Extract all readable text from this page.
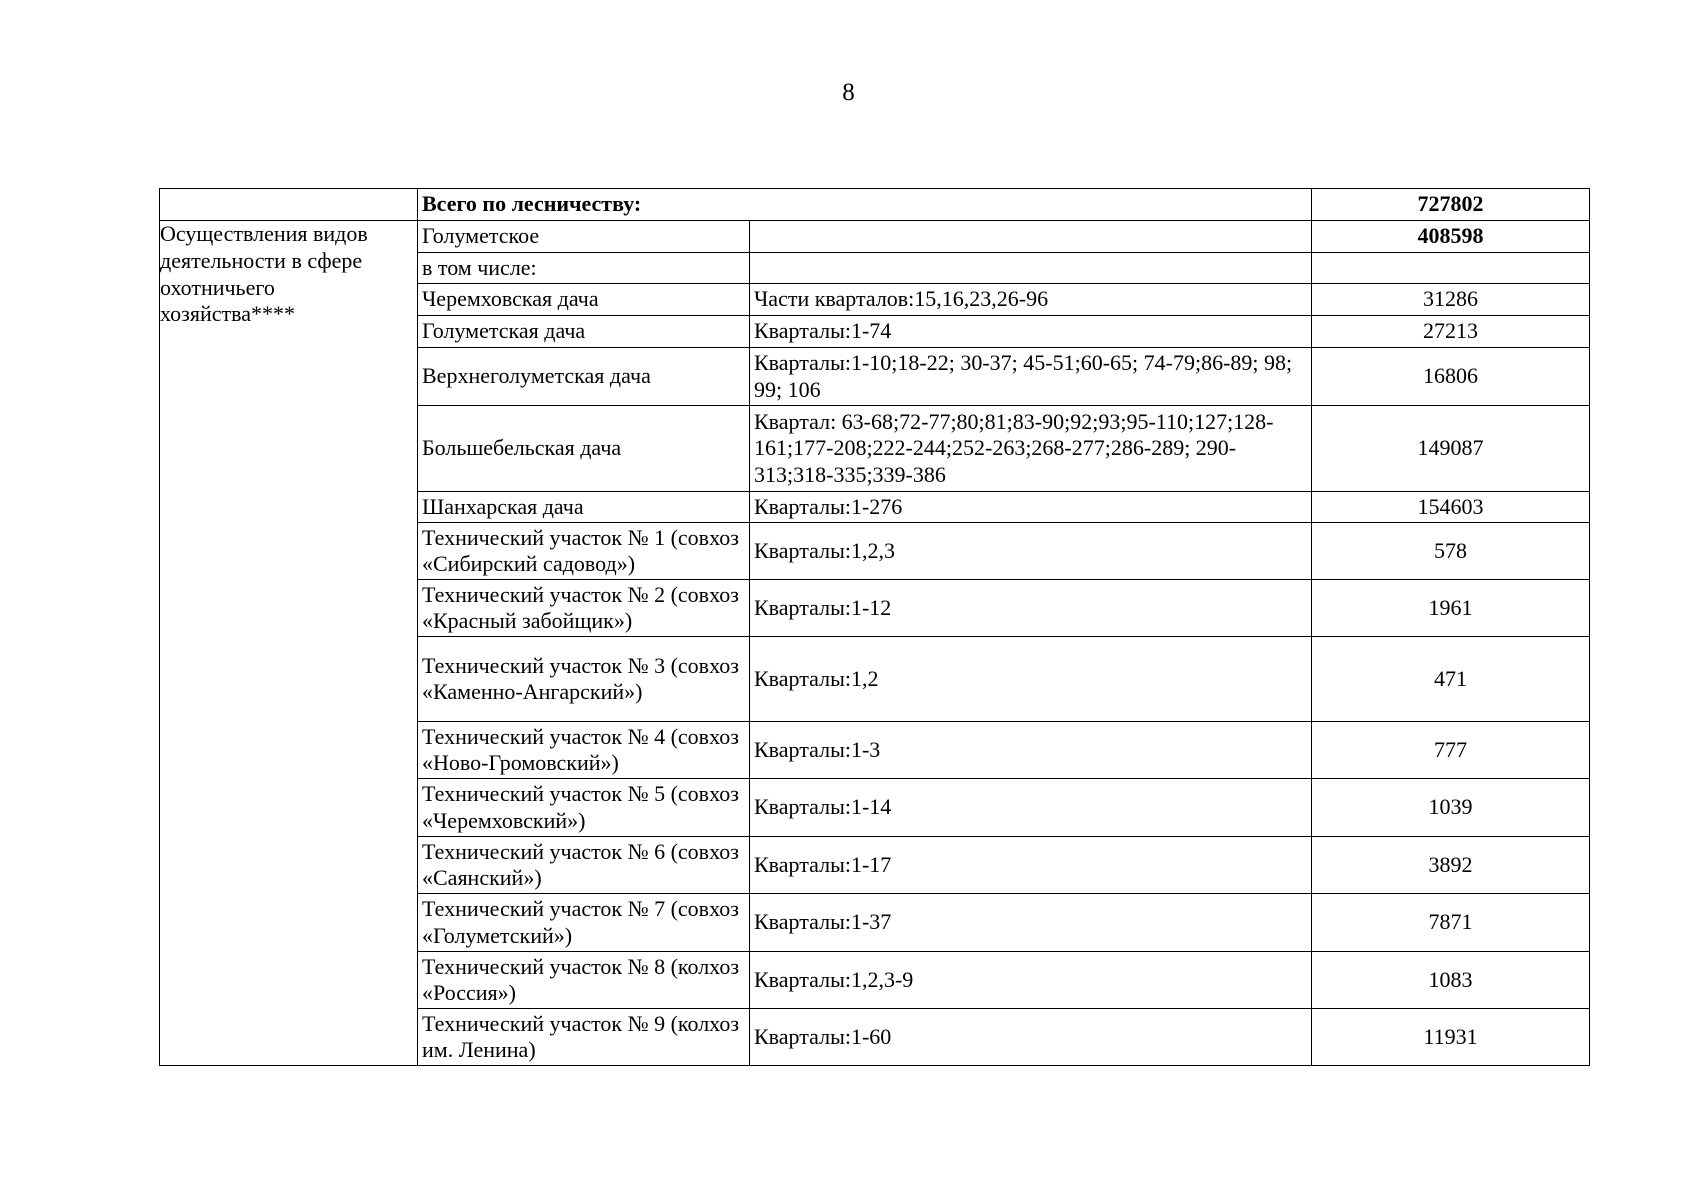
8
	Всего по лесничеству:		727802
Осуществления видов деятельности в сфере охотничьего хозяйства****	Голуметское		408598
	в том числе:		
	Черемховская дача	Части кварталов:15,16,23,26-96	31286
	Голуметская дача	Кварталы:1-74	27213
	Верхнеголуметская дача	Кварталы:1-10;18-22; 30-37; 45-51;60-65; 74-79;86-89; 98; 99; 106	16806
	Большебельская дача	Квартал: 63-68;72-77;80;81;83-90;92;93;95-110;127;128-161;177-208;222-244;252-263;268-277;286-289; 290-313;318-335;339-386	149087
	Шанхарская дача	Кварталы:1-276	154603
	Технический участок № 1 (совхоз «Сибирский садовод»)	Кварталы:1,2,3	578
	Технический участок № 2 (совхоз «Красный забойщик»)	Кварталы:1-12	1961
	Технический участок № 3 (совхоз «Каменно-Ангарский»)	Кварталы:1,2	471
	Технический участок № 4 (совхоз «Ново-Громовский»)	Кварталы:1-3	777
	Технический участок № 5 (совхоз «Черемховский»)	Кварталы:1-14	1039
	Технический участок № 6 (совхоз «Саянский»)	Кварталы:1-17	3892
	Технический участок № 7 (совхоз «Голуметский»)	Кварталы:1-37	7871
	Технический участок № 8 (колхоз «Россия»)	Кварталы:1,2,3-9	1083
	Технический участок № 9 (колхоз им. Ленина)	Кварталы:1-60	11931
